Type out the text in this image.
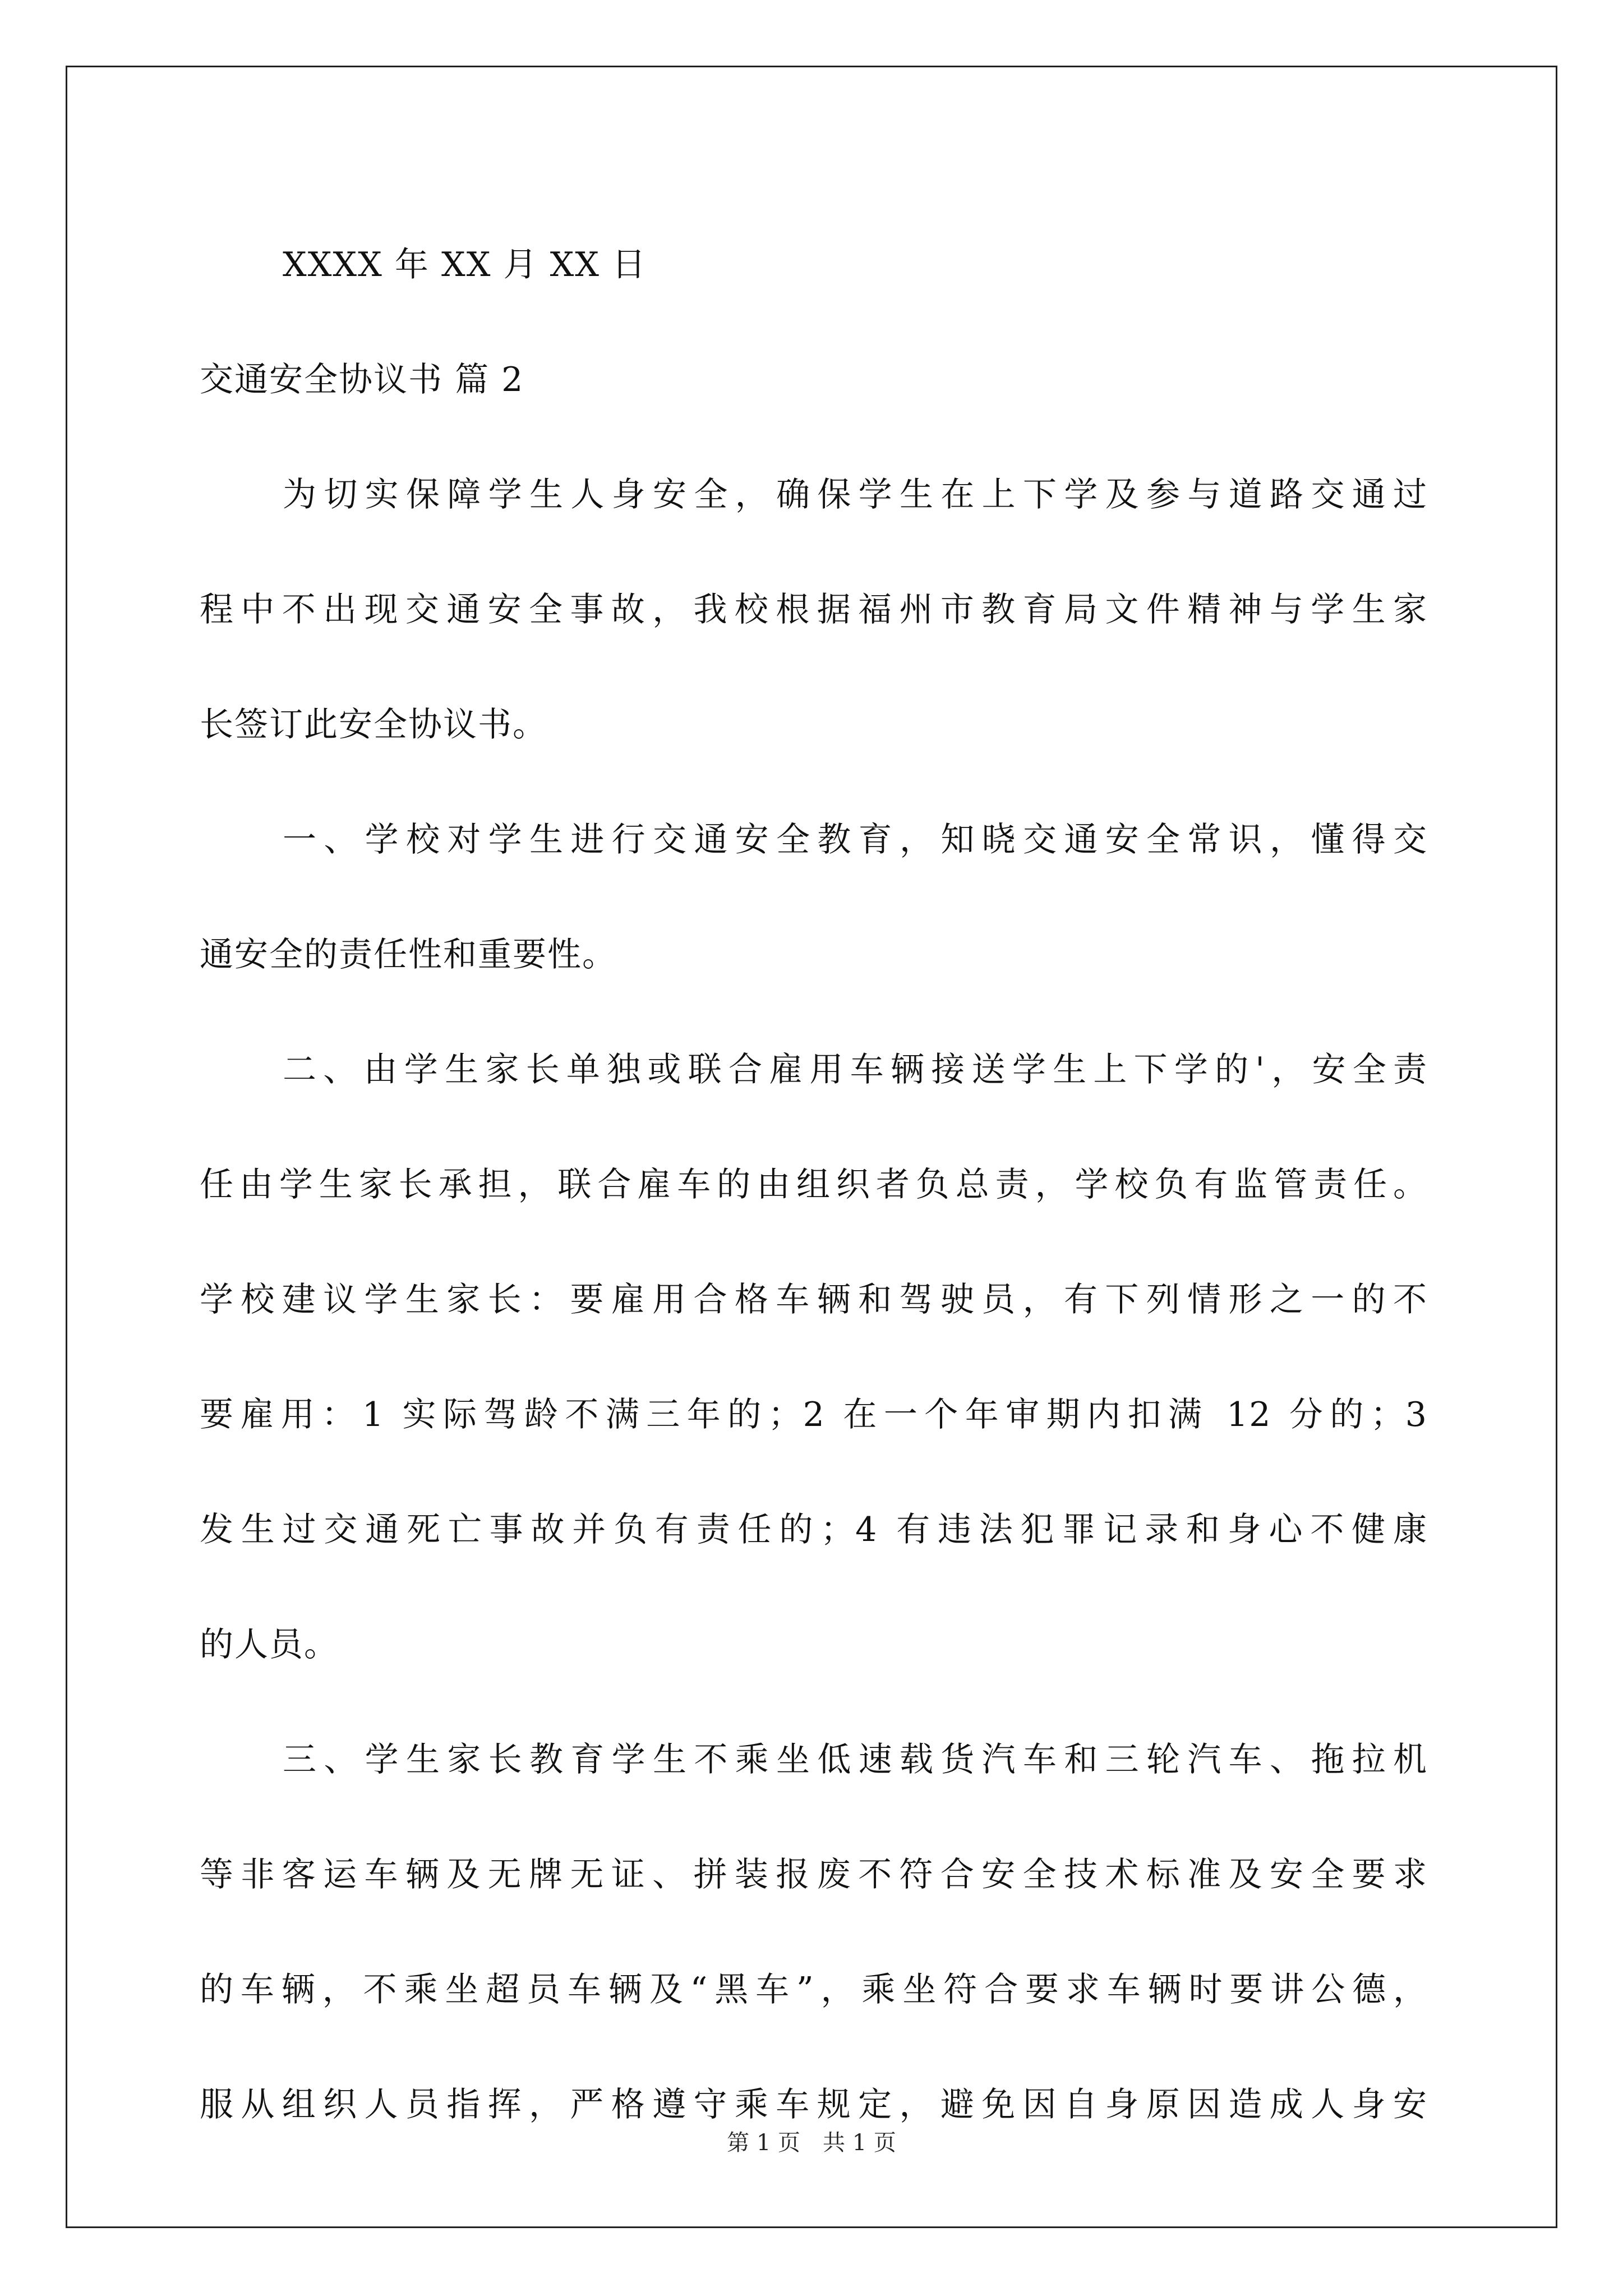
XXXX 年 XX 月 XX 日
交通安全协议书 篇 2
为切实保障学生人身安全，确保学生在上下学及参与道路交通过
程中不出现交通安全事故，我校根据福州市教育局文件精神与学生家
长签订此安全协议书。
一、学校对学生进行交通安全教育，知晓交通安全常识，懂得交
通安全的责任性和重要性。
二、由学生家长单独或联合雇用车辆接送学生上下学的'，安全责
任由学生家长承担，联合雇车的由组织者负总责，学校负有监管责任。
学校建议学生家长：要雇用合格车辆和驾驶员，有下列情形之一的不
要雇用：1 实际驾龄不满三年的；2 在一个年审期内扣满 12 分的；3
发生过交通死亡事故并负有责任的；4 有违法犯罪记录和身心不健康
的人员。
三、学生家长教育学生不乘坐低速载货汽车和三轮汽车、拖拉机
等非客运车辆及无牌无证、拼装报废不符合安全技术标准及安全要求
的车辆，不乘坐超员车辆及“黑车”，乘坐符合要求车辆时要讲公德，
服从组织人员指挥，严格遵守乘车规定，避免因自身原因造成人身安
第 1 页 共 1 页
